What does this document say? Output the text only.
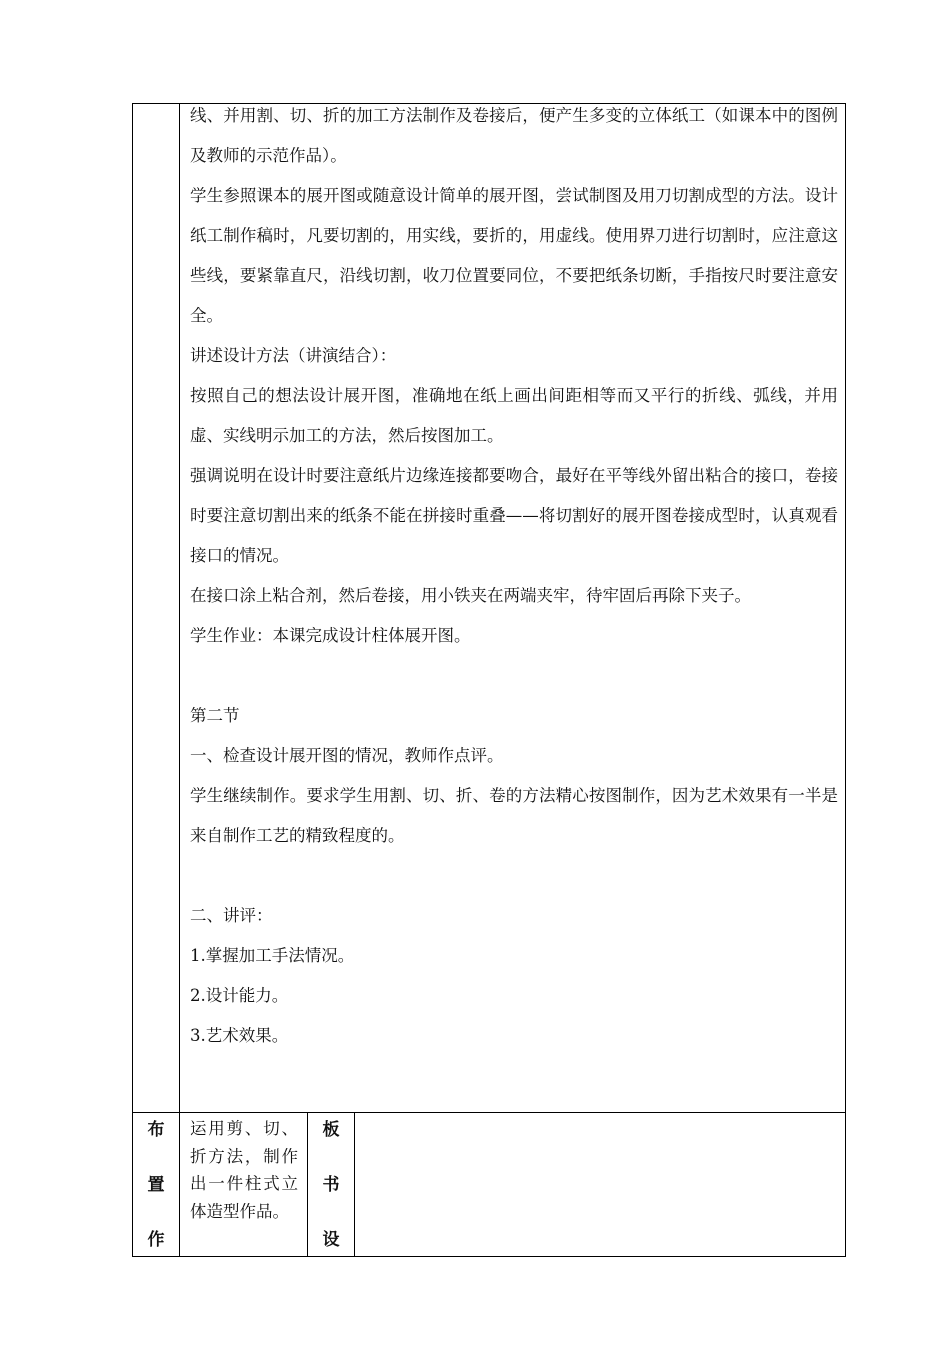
线、并用割、切、折的加工方法制作及卷接后，便产生多变的立体纸工（如课本中的图例及教师的示范作品）。

学生参照课本的展开图或随意设计简单的展开图，尝试制图及用刀切割成型的方法。设计纸工制作稿时，凡要切割的，用实线，要折的，用虚线。使用界刀进行切割时，应注意这些线，要紧靠直尺，沿线切割，收刀位置要同位，不要把纸条切断，手指按尺时要注意安全。

讲述设计方法（讲演结合）：

按照自己的想法设计展开图，准确地在纸上画出间距相等而又平行的折线、弧线，并用虚、实线明示加工的方法，然后按图加工。

强调说明在设计时要注意纸片边缘连接都要吻合，最好在平等线外留出粘合的接口，卷接时要注意切割出来的纸条不能在拼接时重叠——将切割好的展开图卷接成型时，认真观看接口的情况。

在接口涂上粘合剂，然后卷接，用小铁夹在两端夹牢，待牢固后再除下夹子。

学生作业：本课完成设计柱体展开图。

第二节

一、检查设计展开图的情况，教师作点评。

学生继续制作。要求学生用割、切、折、卷的方法精心按图制作，因为艺术效果有一半是来自制作工艺的精致程度的。

二、讲评：

1.掌握加工手法情况。

2.设计能力。

3.艺术效果。

布
置
作
运用剪、切、折方法，制作出一件柱式立体造型作品。
板
书
设
